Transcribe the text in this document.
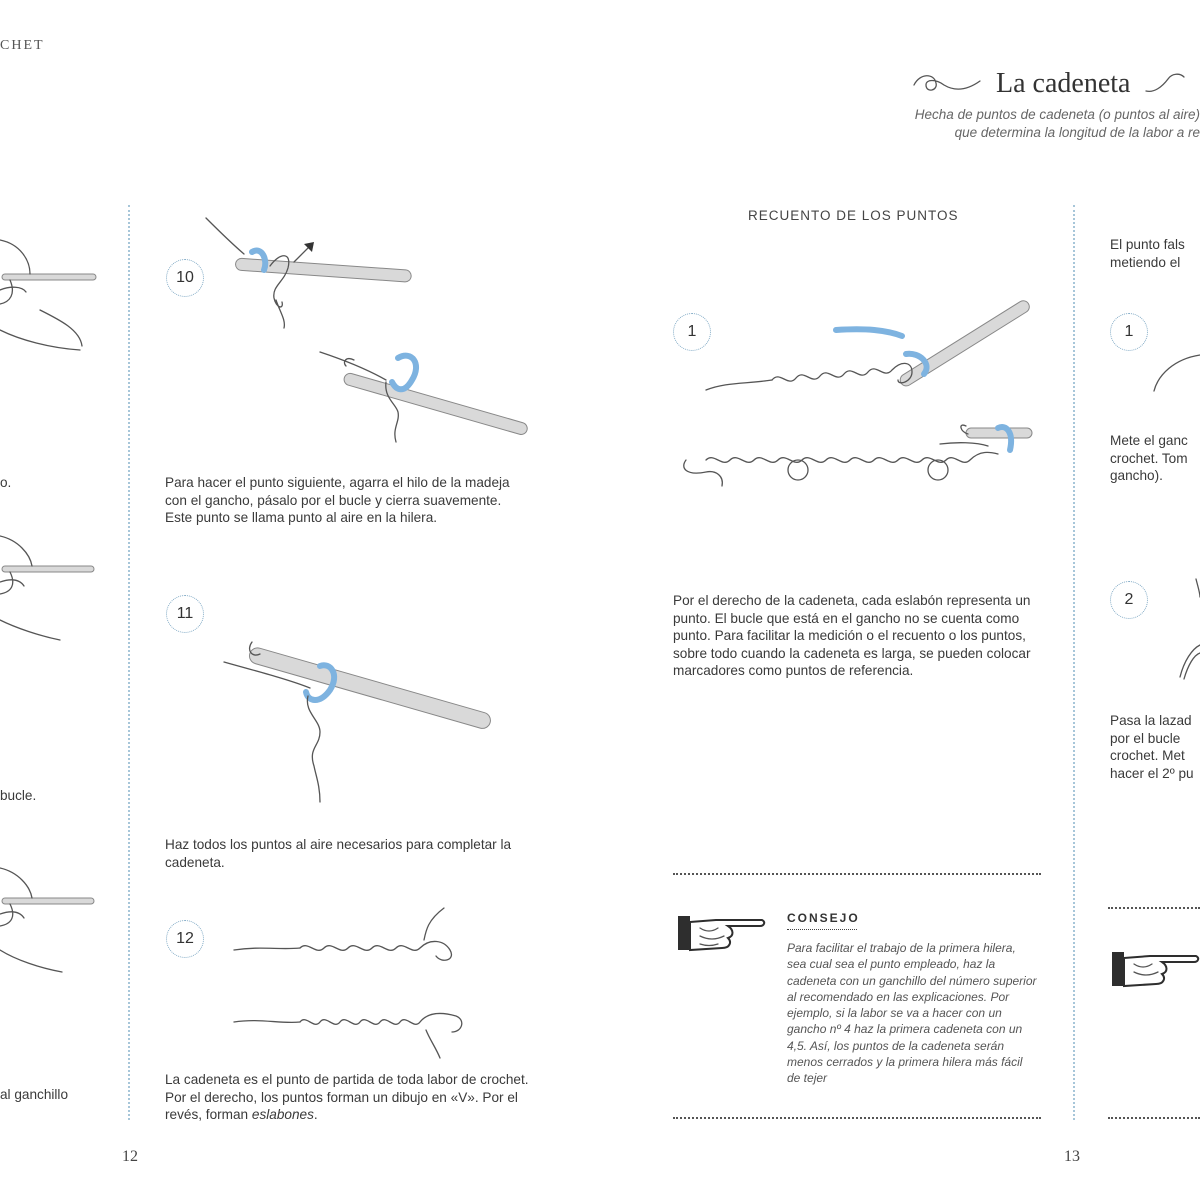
CHET
La cadeneta
Hecha de puntos de cadeneta (o puntos al aire)
que determina la longitud de la labor a re
o.
bucle.
al ganchillo
10
Para hacer el punto siguiente, agarra el hilo de la madeja con el gancho, pásalo por el bucle y cierra suavemente. Este punto se llama punto al aire en la hilera.
11
Haz todos los puntos al aire necesarios para completar la cadeneta.
12
La cadeneta es el punto de partida de toda labor de crochet. Por el derecho, los puntos forman un dibujo en «V». Por el revés, forman eslabones.
12
RECUENTO DE LOS PUNTOS
1
Por el derecho de la cadeneta, cada eslabón representa un punto. El bucle que está en el gancho no se cuenta como punto. Para facilitar la medición o el recuento o los puntos, sobre todo cuando la cadeneta es larga, se pueden colocar marcadores como puntos de referencia.
CONSEJO
Para facilitar el trabajo de la primera hilera, sea cual sea el punto empleado, haz la cadeneta con un ganchillo del número superior al recomendado en las explicaciones. Por ejemplo, si la labor se va a hacer con un gancho nº 4 haz la primera cadeneta con un 4,5. Así, los puntos de la cadeneta serán menos cerrados y la primera hilera más fácil de tejer
13
El punto fals
metiendo el
1
Mete el ganc
crochet. Tom
gancho).
2
Pasa la lazad
por el bucle
crochet. Met
hacer el 2º pu
